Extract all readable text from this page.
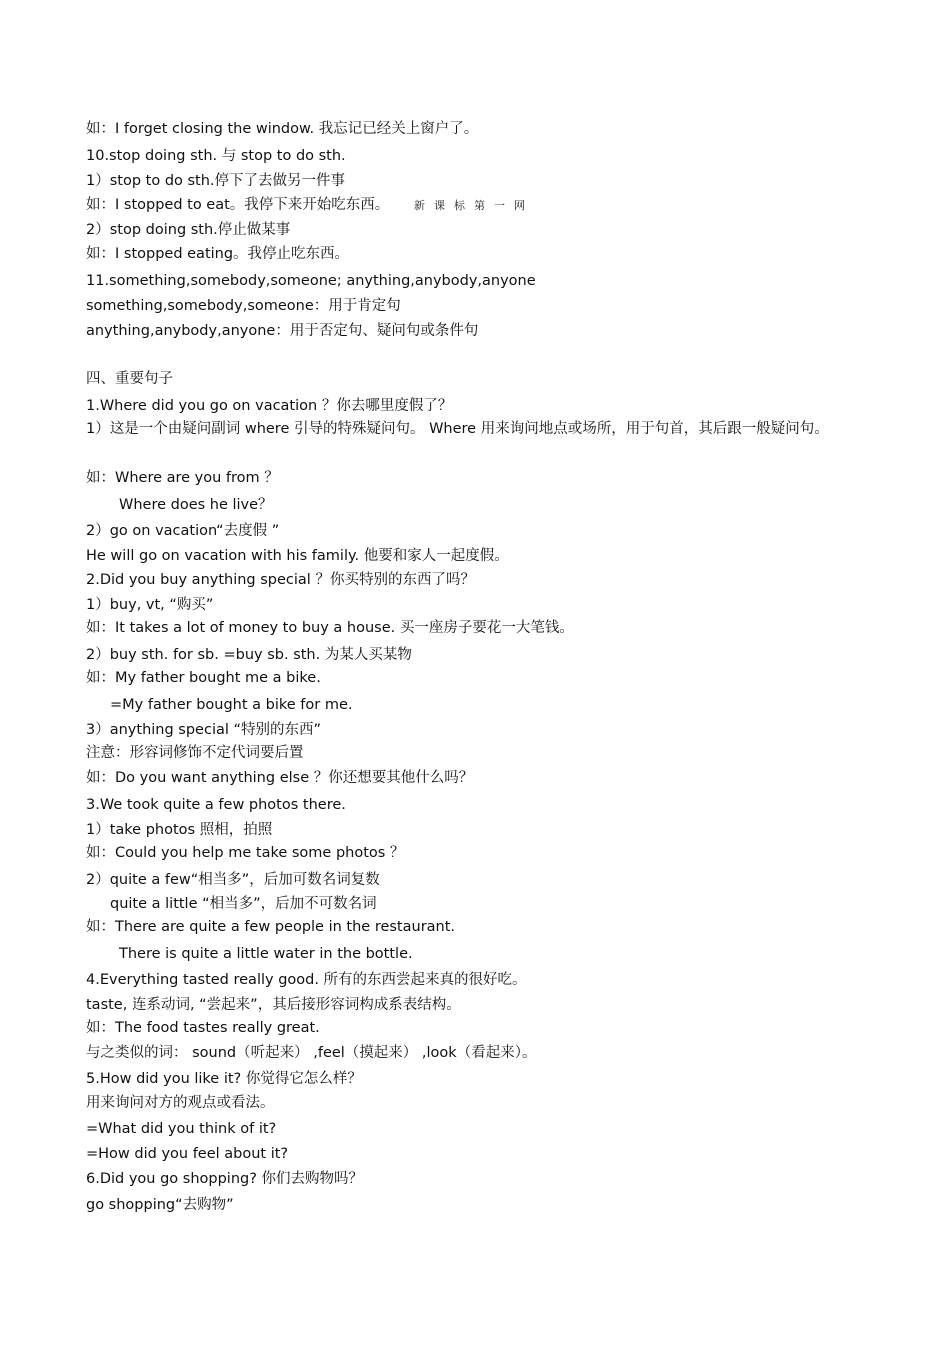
如：I forget closing the window. 我忘记已经关上窗户了。
10.stop doing sth. 与 stop to do sth.
1）stop to do sth.停下了去做另一件事
如：I stopped to eat。我停下来开始吃东西。 新课标第一网
2）stop doing sth.停止做某事
如：I stopped eating。我停止吃东西。
11.something,somebody,someone; anything,anybody,anyone
something,somebody,someone：用于肯定句
anything,anybody,anyone：用于否定句、疑问句或条件句
四、重要句子
1.Where did you go on vacation ？你去哪里度假了？
1）这是一个由疑问副词 where 引导的特殊疑问句。 Where 用来询问地点或场所，用于句首，其后跟一般疑问句。
如：Where are you from ？
Where does he live？
2）go on vacation“去度假 ”
He will go on vacation with his family. 他要和家人一起度假。
2.Did you buy anything special ？你买特别的东西了吗？
1）buy, vt, “购买”
如：It takes a lot of money to buy a house. 买一座房子要花一大笔钱。
2）buy sth. for sb. =buy sb. sth. 为某人买某物
如：My father bought me a bike.
=My father bought a bike for me.
3）anything special “特别的东西”
注意：形容词修饰不定代词要后置
如：Do you want anything else ？你还想要其他什么吗？
3.We took quite a few photos there.
1）take photos 照相，拍照
如：Could you help me take some photos ？
2）quite a few“相当多”，后加可数名词复数
quite a little “相当多”，后加不可数名词
如：There are quite a few people in the restaurant.
There is quite a little water in the bottle.
4.Everything tasted really good. 所有的东西尝起来真的很好吃。
taste, 连系动词, “尝起来”，其后接形容词构成系表结构。
如：The food tastes really great.
与之类似的词： sound（听起来） ,feel（摸起来） ,look（看起来）。
5.How did you like it? 你觉得它怎么样？
用来询问对方的观点或看法。
=What did you think of it?
=How did you feel about it?
6.Did you go shopping? 你们去购物吗？
go shopping“去购物”
